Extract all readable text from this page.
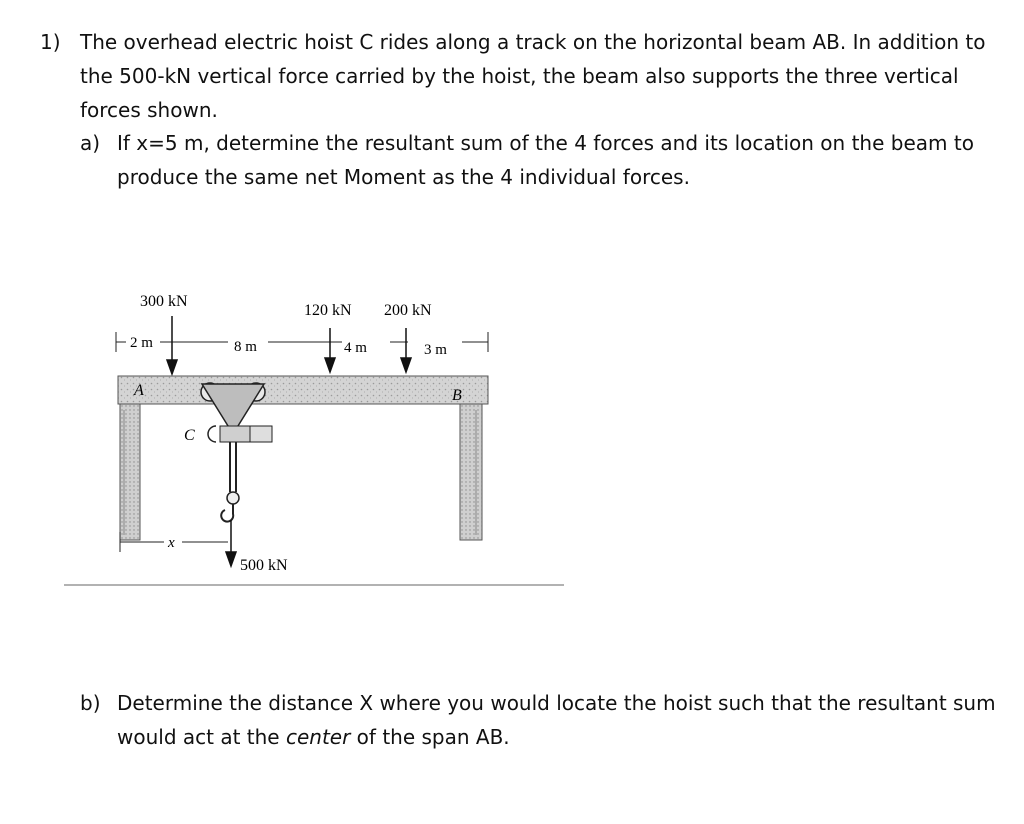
1) The overhead electric hoist C rides along a track on the horizontal beam AB. In addition to
the 500-kN vertical force carried by the hoist, the beam also supports the three vertical
forces shown.
a) If x=5 m, determine the resultant sum of the 4 forces and its location on the beam to
produce the same net Moment as the 4 individual forces.
300 kN
120 kN 200 kN
2 m	8 m	4 m	3 m
A	B
C
500 kN
x
b) Determine the distance X where you would locate the hoist such that the resultant sum
would act at the center of the span AB.
